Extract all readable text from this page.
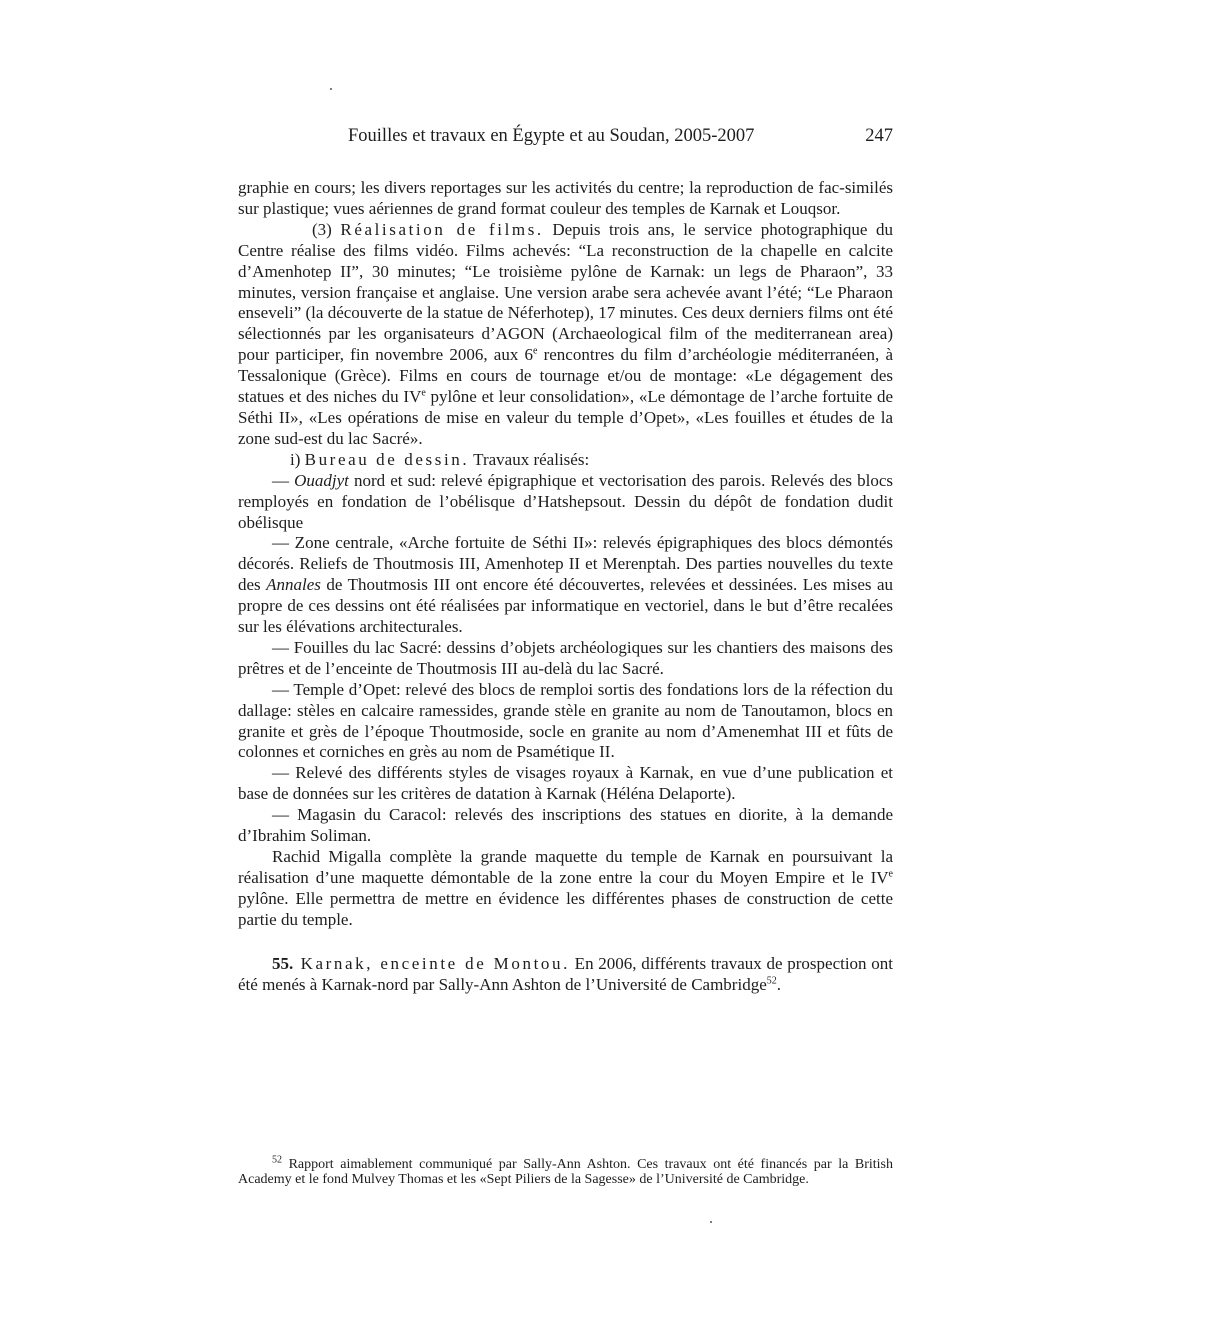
Fouilles et travaux en Égypte et au Soudan, 2005-2007	247

graphie en cours; les divers reportages sur les activités du centre; la reproduction de fac-similés sur plastique; vues aériennes de grand format couleur des temples de Karnak et Louqsor.

(3) Réalisation de films. Depuis trois ans, le service photographique du Centre réalise des films vidéo. Films achevés: “La reconstruction de la chapelle en calcite d’Amenhotep II”, 30 minutes; “Le troisième pylône de Karnak: un legs de Pharaon”, 33 minutes, version française et anglaise. Une version arabe sera achevée avant l’été; “Le Pharaon enseveli” (la découverte de la statue de Néferhotep), 17 minutes. Ces deux derniers films ont été sélectionnés par les organisateurs d’AGON (Archaeological film of the mediterranean area) pour participer, fin novembre 2006, aux 6e rencontres du film d’archéologie méditerranéen, à Tessalonique (Grèce). Films en cours de tournage et/ou de montage: «Le dégagement des statues et des niches du IVe pylône et leur consolidation», «Le démontage de l’arche fortuite de Séthi II», «Les opérations de mise en valeur du temple d’Opet», «Les fouilles et études de la zone sud-est du lac Sacré».

i) Bureau de dessin. Travaux réalisés:

— Ouadjyt nord et sud: relevé épigraphique et vectorisation des parois. Relevés des blocs remployés en fondation de l’obélisque d’Hatshepsout. Dessin du dépôt de fondation dudit obélisque

— Zone centrale, «Arche fortuite de Séthi II»: relevés épigraphiques des blocs démontés décorés. Reliefs de Thoutmosis III, Amenhotep II et Merenptah. Des parties nouvelles du texte des Annales de Thoutmosis III ont encore été découvertes, relevées et dessinées. Les mises au propre de ces dessins ont été réalisées par informatique en vectoriel, dans le but d’être recalées sur les élévations architecturales.

— Fouilles du lac Sacré: dessins d’objets archéologiques sur les chantiers des maisons des prêtres et de l’enceinte de Thoutmosis III au-delà du lac Sacré.

— Temple d’Opet: relevé des blocs de remploi sortis des fondations lors de la réfection du dallage: stèles en calcaire ramessides, grande stèle en granite au nom de Tanoutamon, blocs en granite et grès de l’époque Thoutmoside, socle en granite au nom d’Amenemhat III et fûts de colonnes et corniches en grès au nom de Psamétique II.

— Relevé des différents styles de visages royaux à Karnak, en vue d’une publication et base de données sur les critères de datation à Karnak (Héléna Delaporte).

— Magasin du Caracol: relevés des inscriptions des statues en diorite, à la demande d’Ibrahim Soliman.

Rachid Migalla complète la grande maquette du temple de Karnak en poursuivant la réalisation d’une maquette démontable de la zone entre la cour du Moyen Empire et le IVe pylône. Elle permettra de mettre en évidence les différentes phases de construction de cette partie du temple.

55. Karnak, enceinte de Montou. En 2006, différents travaux de prospection ont été menés à Karnak-nord par Sally-Ann Ashton de l’Université de Cambridge$^{52}$.

$^{52}$ Rapport aimablement communiqué par Sally-Ann Ashton. Ces travaux ont été financés par la British Academy et le fond Mulvey Thomas et les «Sept Piliers de la Sagesse» de l’Université de Cambridge.
